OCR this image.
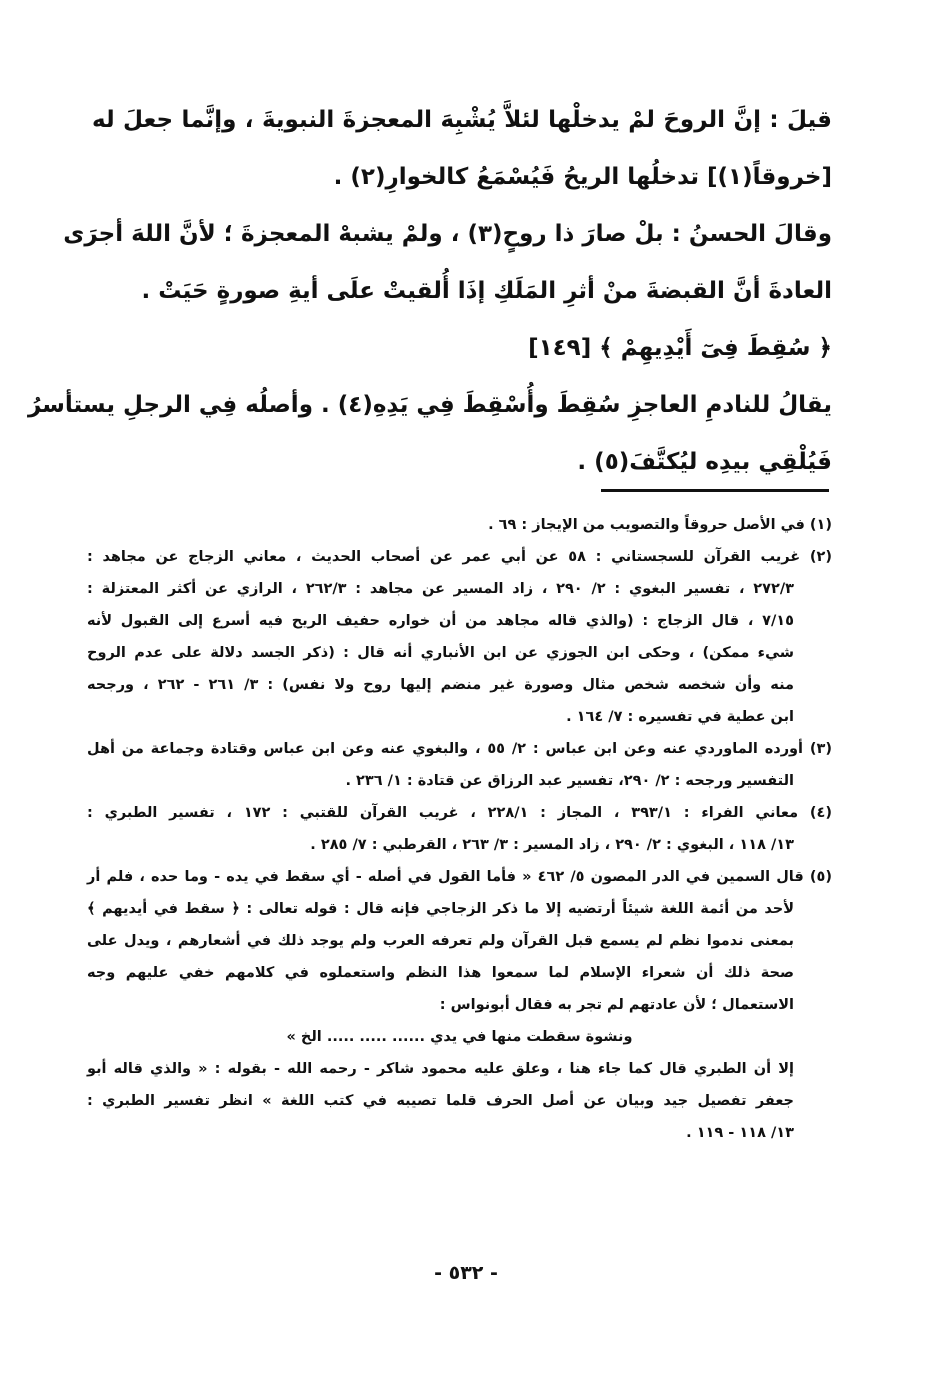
قيلَ : إنَّ الروحَ لمْ يدخلْها لئلاَّ يُشْبِهَ المعجزةَ النبويةَ ، وإنَّما جعلَ له
[خروقاً(١)] تدخلُها الريحُ فَيُسْمَعُ كالخوارِ(٢) .
وقالَ الحسنُ : بلْ صارَ ذا روحٍ(٣) ، ولمْ يشبهْ المعجزةَ ؛ لأنَّ اللهَ أجرَى
العادةَ أنَّ القبضةَ منْ أثرِ المَلَكِ إذَا أُلقيتْ علَى أيةِ صورةٍ حَيَتْ .
﴿ سُقِطَ فِىٓ أَيْدِيهِمْ ﴾ [١٤٩]
يقالُ للنادمِ العاجزِ سُقِطَ وأُسْقِطَ فِي يَدِهِ(٤) . وأصلُه فِي الرجلِ يستأسرُ
فَيُلْقِي بيدِه ليُكتَّفَ(٥) .
(١) في الأصل حروقاً والتصويب من الإيجاز : ٦٩ .
(٢) غريب القرآن للسجستاني : ٥٨ عن أبي عمر عن أصحاب الحديث ، معاني الزجاج عن مجاهد :
٢٧٢/٣ ، تفسير البغوي : ٢/ ٢٩٠ ، زاد المسير عن مجاهد : ٢٦٢/٣ ، الرازي عن أكثر المعتزلة :
٧/١٥ ، قال الزجاج : (والذي قاله مجاهد من أن خواره حفيف الريح فيه أسرع إلى القبول لأنه
شيء ممكن) ، وحكى ابن الجوزي عن ابن الأنباري أنه قال : (ذكر الجسد دلالة على عدم الروح
منه وأن شخصه شخص مثال وصورة غير منضم إليها روح ولا نفس) : ٣/ ٢٦١ - ٢٦٢ ، ورجحه
ابن عطية في تفسيره : ٧/ ١٦٤ .
(٣) أورده الماوردي عنه وعن ابن عباس : ٢/ ٥٥ ، والبغوي عنه وعن ابن عباس وقتادة وجماعة من أهل
التفسير ورجحه : ٢/ ٢٩٠، تفسير عبد الرزاق عن قتادة : ١/ ٢٣٦ .
(٤) معاني الفراء : ٣٩٣/١ ، المجاز : ٢٢٨/١ ، غريب القرآن للقتبي : ١٧٢ ، تفسير الطبري :
١٣/ ١١٨ ، البغوي : ٢/ ٢٩٠ ، زاد المسير : ٣/ ٢٦٣ ، القرطبي : ٧/ ٢٨٥ .
(٥) قال السمين في الدر المصون ٥/ ٤٦٢ « فأما القول في أصله - أي سقط في يده - وما حده ، فلم أر
لأحد من أئمة اللغة شيئاً أرتضيه إلا ما ذكر الزجاجي فإنه قال : قوله تعالى : ﴿ سقط في أيديهم ﴾
بمعنى ندموا نظم لم يسمع قبل القرآن ولم تعرفه العرب ولم يوجد ذلك في أشعارهم ، ويدل على
صحة ذلك أن شعراء الإسلام لما سمعوا هذا النظم واستعملوه في كلامهم خفي عليهم وجه
الاستعمال ؛ لأن عادتهم لم تجر به فقال أبونواس :
ونشوة سقطت منها في يدي ...... ..... ..... الخ »
إلا أن الطبري قال كما جاء هنا ، وعلق عليه محمود شاكر - رحمه الله - بقوله : « والذي قاله أبو
جعفر تفصيل جيد وبيان عن أصل الحرف قلما تصيبه في كتب اللغة » انظر تفسير الطبري :
١٣/ ١١٨ - ١١٩ .
- ٥٣٢ -
